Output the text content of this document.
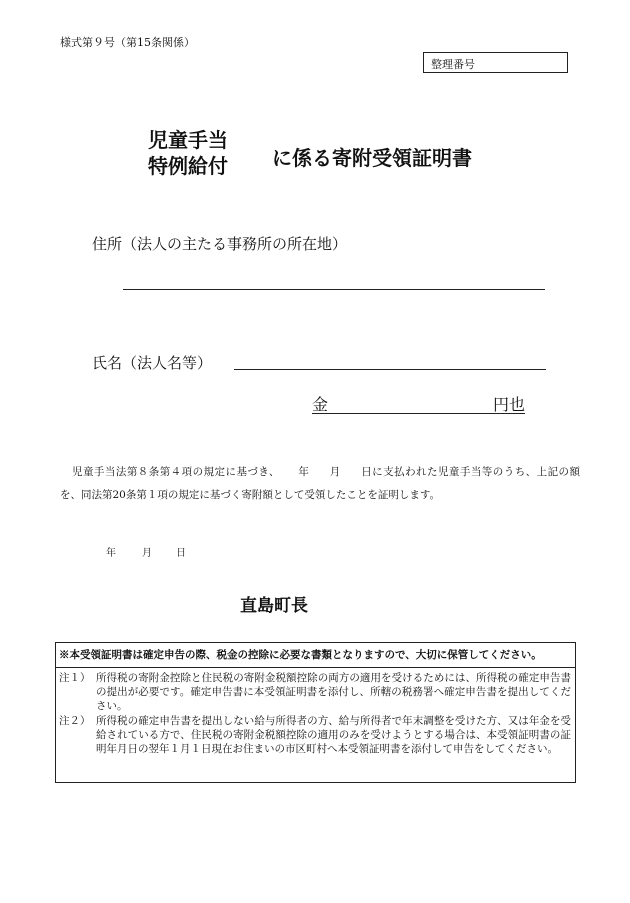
様式第９号（第15条関係）
整理番号
児童手当
特例給付 に係る寄附受領証明書
住所（法人の主たる事務所の所在地）
氏名（法人名等）
金	円也
児童手当法第８条第４項の規定に基づき、 年 月 日に支払われた児童手当等のうち、上記の額を、同法第20条第１項の規定に基づく寄附額として受領したことを証明します。
年	月 日
直島町長
※本受領証明書は確定申告の際、税金の控除に必要な書類となりますので、大切に保管してください。
注１） 所得税の寄附金控除と住民税の寄附金税額控除の両方の適用を受けるためには、所得税の確定申告書の提出が必要です。確定申告書に本受領証明書を添付し、所轄の税務署へ確定申告書を提出してください。
注２） 所得税の確定申告書を提出しない給与所得者の方、給与所得者で年末調整を受けた方、又は年金を受給されている方で、住民税の寄附金税額控除の適用のみを受けようとする場合は、本受領証明書の証明年月日の翌年１月１日現在お住まいの市区町村へ本受領証明書を添付して申告をしてください。
